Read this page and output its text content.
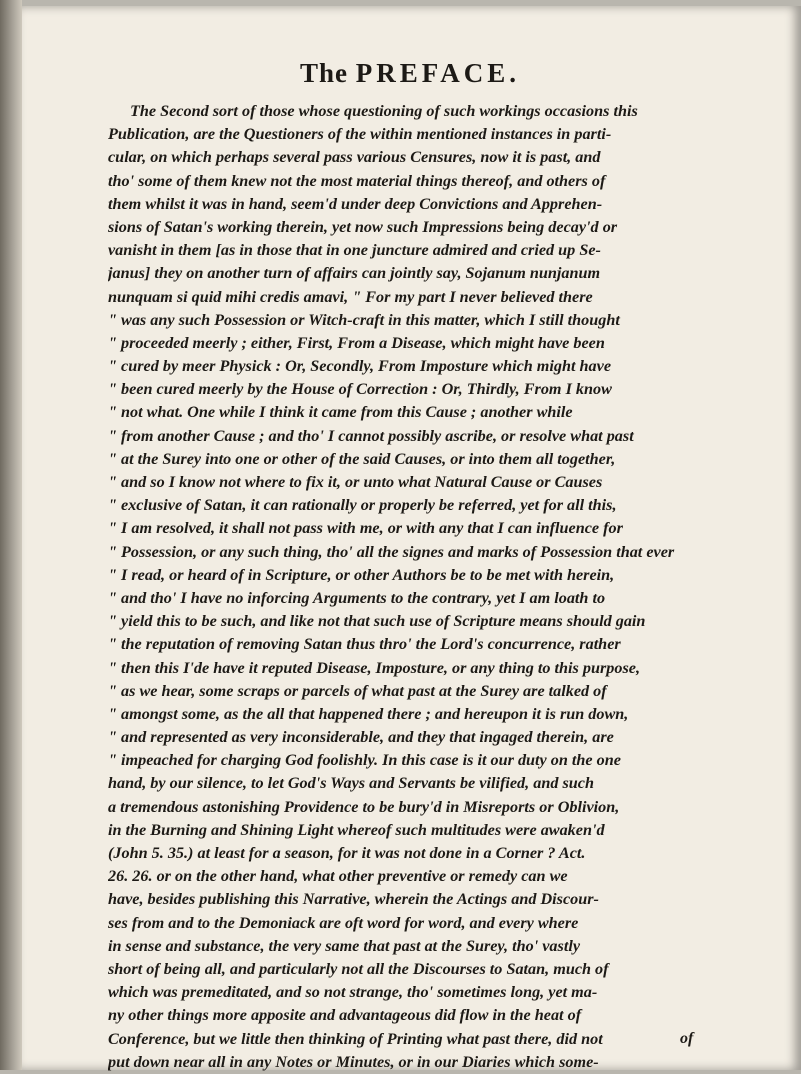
The PREFACE.
The Second sort of those whose questioning of such workings occasions this
Publication, are the Questioners of the within mentioned instances in parti-
cular, on which perhaps several pass various Censures, now it is past, and
tho' some of them knew not the most material things thereof, and others of
them whilst it was in hand, seem'd under deep Convictions and Apprehen-
sions of Satan's working therein, yet now such Impressions being decay'd or
vanisht in them [as in those that in one juncture admired and cried up Se-
janus] they on another turn of affairs can jointly say, Sojanum nunjanum
nunquam si quid mihi credis amavi, " For my part I never believed there
" was any such Possession or Witch-craft in this matter, which I still thought
" proceeded meerly ; either, First, From a Disease, which might have been
" cured by meer Physick : Or, Secondly, From Imposture which might have
" been cured meerly by the House of Correction : Or, Thirdly, From I know
" not what. One while I think it came from this Cause ; another while
" from another Cause ; and tho' I cannot possibly ascribe, or resolve what past
" at the Surey into one or other of the said Causes, or into them all together,
" and so I know not where to fix it, or unto what Natural Cause or Causes
" exclusive of Satan, it can rationally or properly be referred, yet for all this,
" I am resolved, it shall not pass with me, or with any that I can influence for
" Possession, or any such thing, tho' all the signes and marks of Possession that ever
" I read, or heard of in Scripture, or other Authors be to be met with herein,
" and tho' I have no inforcing Arguments to the contrary, yet I am loath to
" yield this to be such, and like not that such use of Scripture means should gain
" the reputation of removing Satan thus thro' the Lord's concurrence, rather
" then this I'de have it reputed Disease, Imposture, or any thing to this purpose,
" as we hear, some scraps or parcels of what past at the Surey are talked of
" amongst some, as the all that happened there ; and hereupon it is run down,
" and represented as very inconsiderable, and they that ingaged therein, are
" impeached for charging God foolishly. In this case is it our duty on the one
hand, by our silence, to let God's Ways and Servants be vilified, and such
a tremendous astonishing Providence to be bury'd in Misreports or Oblivion,
in the Burning and Shining Light whereof such multitudes were awaken'd
(John 5. 35.) at least for a season, for it was not done in a Corner ? Act.
26. 26. or on the other hand, what other preventive or remedy can we
have, besides publishing this Narrative, wherein the Actings and Discour-
ses from and to the Demoniack are oft word for word, and every where
in sense and substance, the very same that past at the Surey, tho' vastly
short of being all, and particularly not all the Discourses to Satan, much of
which was premeditated, and so not strange, tho' sometimes long, yet ma-
ny other things more apposite and advantageous did flow in the heat of
Conference, but we little then thinking of Printing what past there, did not
put down near all in any Notes or Minutes, or in our Diaries which some-
of
